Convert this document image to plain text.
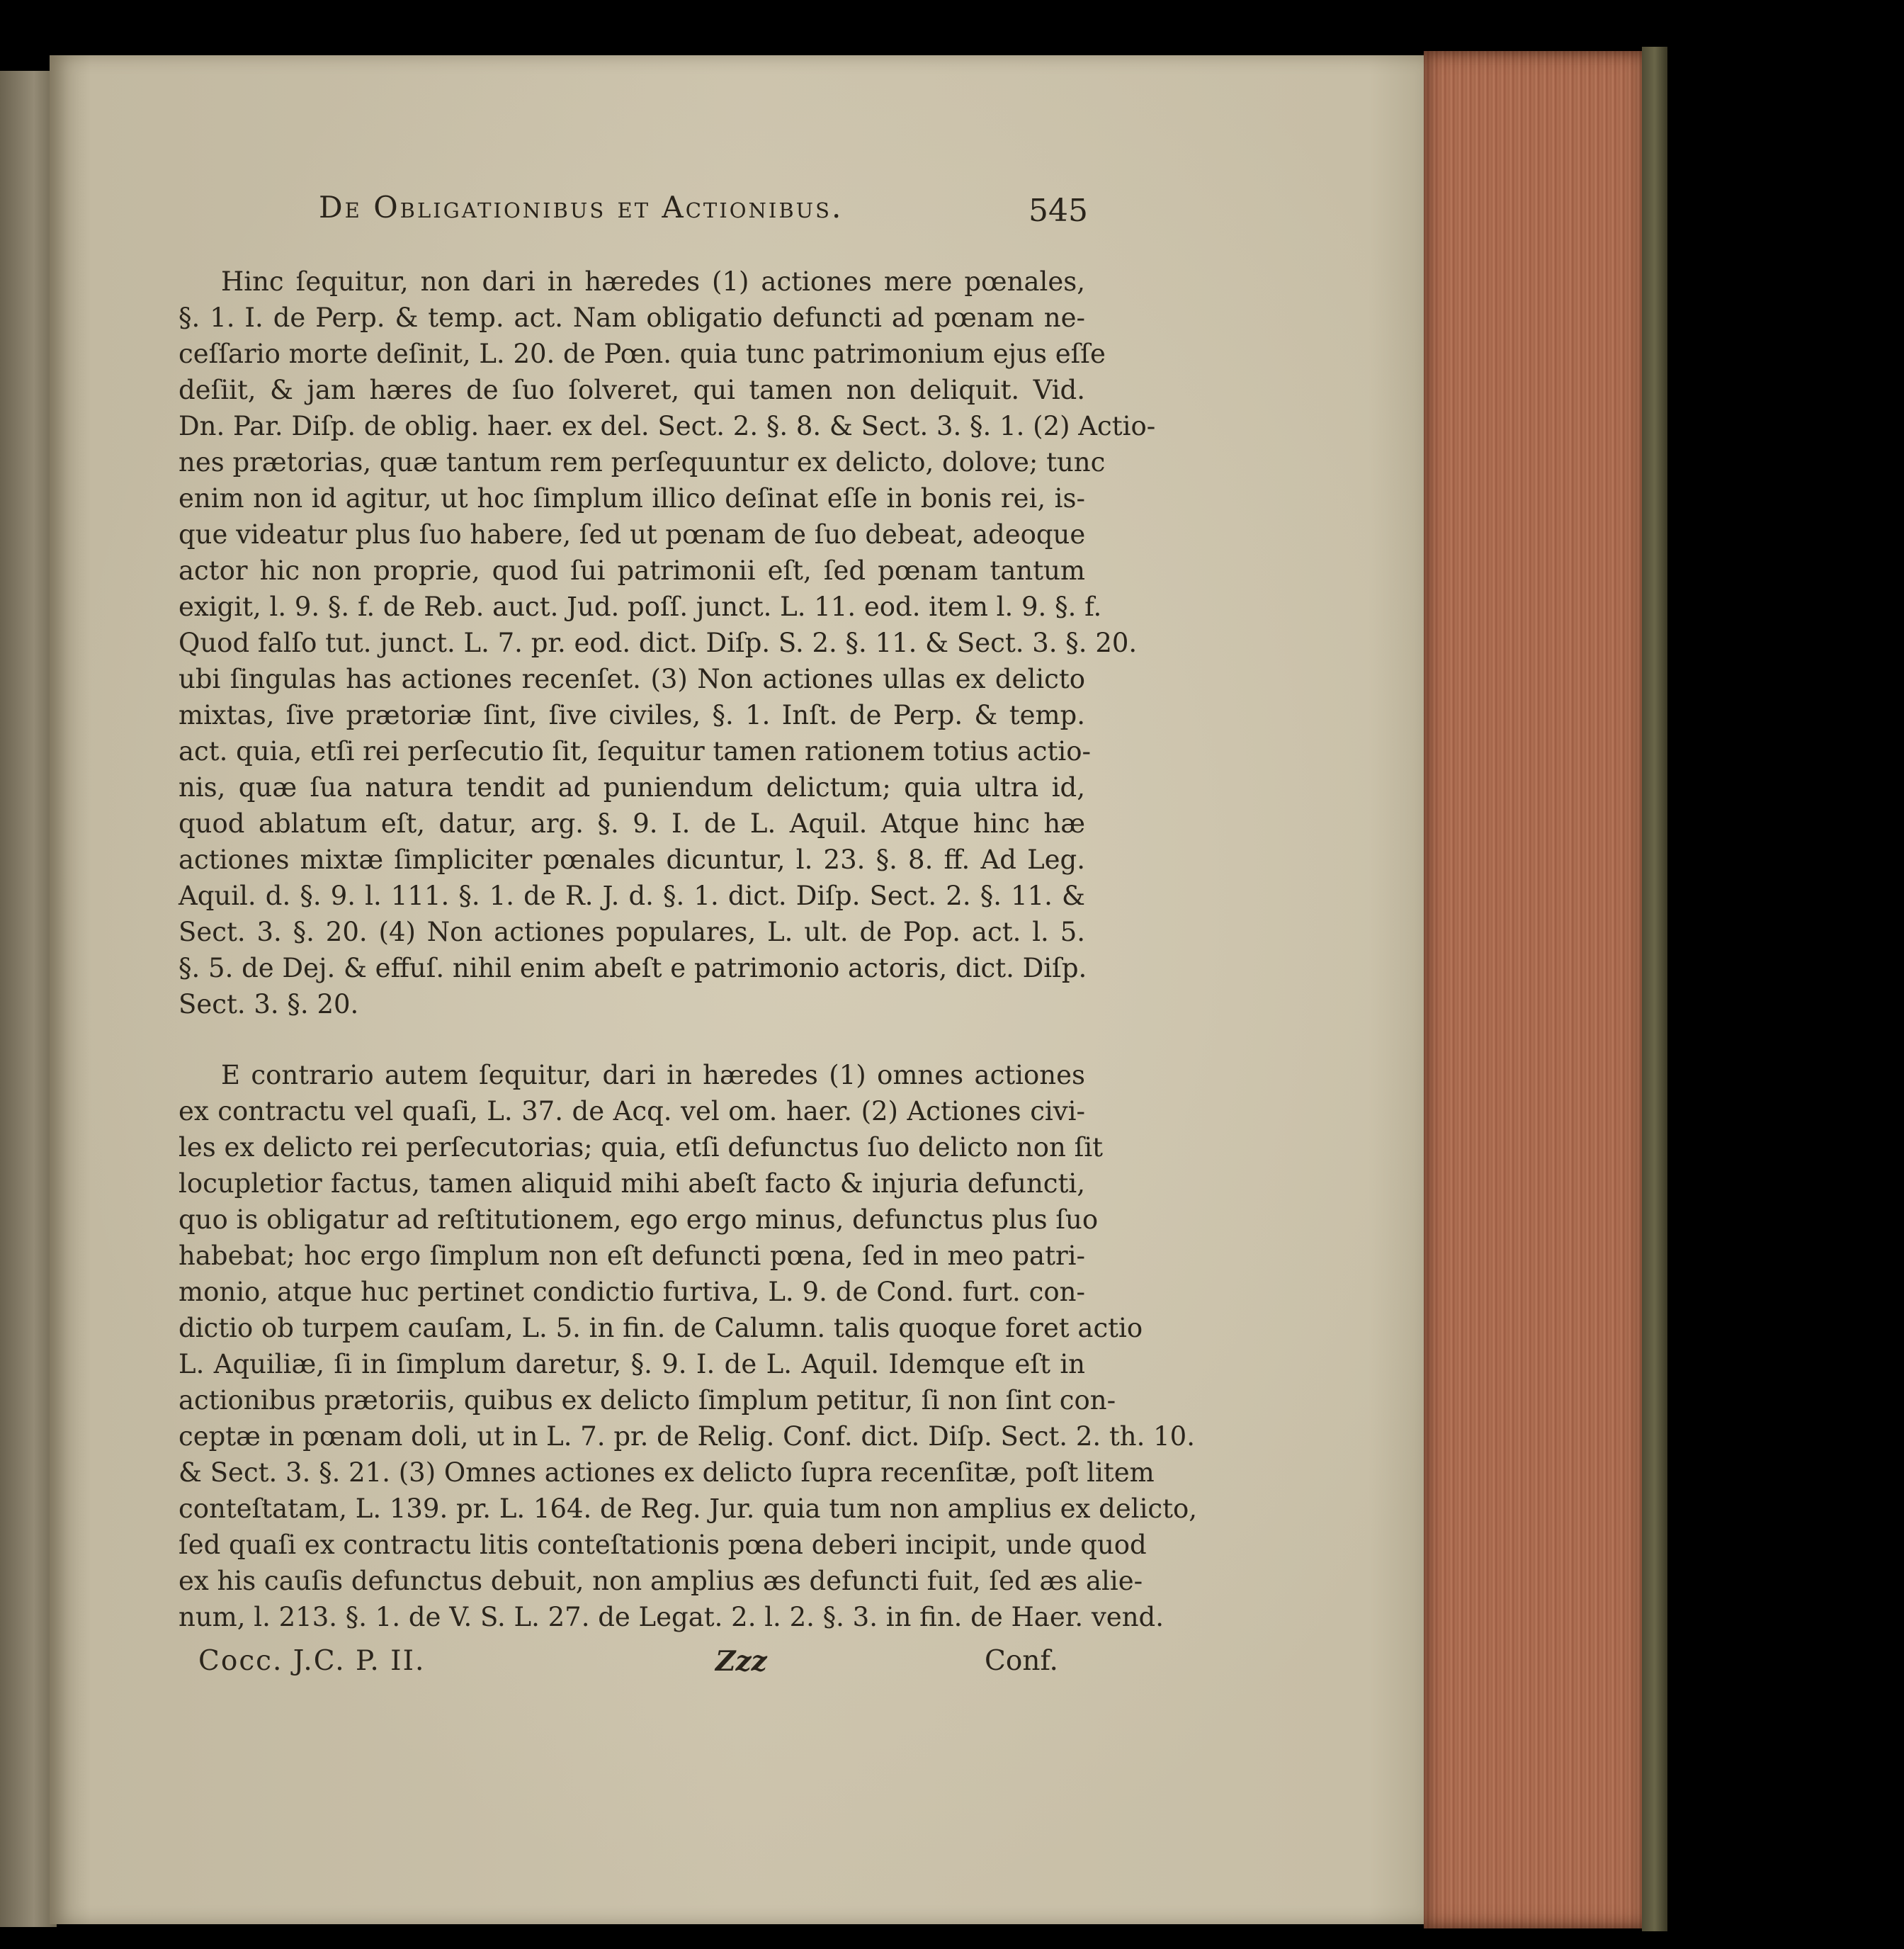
De Obligationibus et Actionibus.	545
Hinc ſequitur, non dari in hæredes (1) actiones mere pœnales,
§. 1. I. de Perp. & temp. act. Nam obligatio defuncti ad pœnam ne-
ceſſario morte deſinit, L. 20. de Pœn. quia tunc patrimonium ejus eſſe
deſiit, & jam hæres de ſuo ſolveret, qui tamen non deliquit. Vid.
Dn. Par. Diſp. de oblig. haer. ex del. Sect. 2. §. 8. & Sect. 3. §. 1. (2) Actio-
nes prætorias, quæ tantum rem perſequuntur ex delicto, dolove; tunc
enim non id agitur, ut hoc ſimplum illico deſinat eſſe in bonis rei, is-
que videatur plus ſuo habere, ſed ut pœnam de ſuo debeat, adeoque
actor hic non proprie, quod ſui patrimonii eſt, ſed pœnam tantum
exigit, l. 9. §. f. de Reb. auct. Jud. poſſ. junct. L. 11. eod. item l. 9. §. f.
Quod falſo tut. junct. L. 7. pr. eod. dict. Diſp. S. 2. §. 11. & Sect. 3. §. 20.
ubi ſingulas has actiones recenſet. (3) Non actiones ullas ex delicto
mixtas, ſive prætoriæ ſint, ſive civiles, §. 1. Inſt. de Perp. & temp.
act. quia, etſi rei perſecutio ſit, ſequitur tamen rationem totius actio-
nis, quæ ſua natura tendit ad puniendum delictum; quia ultra id,
quod ablatum eſt, datur, arg. §. 9. I. de L. Aquil. Atque hinc hæ
actiones mixtæ ſimpliciter pœnales dicuntur, l. 23. §. 8. ff. Ad Leg.
Aquil. d. §. 9. l. 111. §. 1. de R. J. d. §. 1. dict. Diſp. Sect. 2. §. 11. &
Sect. 3. §. 20. (4) Non actiones populares, L. ult. de Pop. act. l. 5.
§. 5. de Dej. & effuſ. nihil enim abeſt e patrimonio actoris, dict. Diſp.
Sect. 3. §. 20.
E contrario autem ſequitur, dari in hæredes (1) omnes actiones
ex contractu vel quaſi, L. 37. de Acq. vel om. haer. (2) Actiones civi-
les ex delicto rei perſecutorias; quia, etſi defunctus ſuo delicto non ſit
locupletior factus, tamen aliquid mihi abeſt facto & injuria defuncti,
quo is obligatur ad reſtitutionem, ego ergo minus, defunctus plus ſuo
habebat; hoc ergo ſimplum non eſt defuncti pœna, ſed in meo patri-
monio, atque huc pertinet condictio furtiva, L. 9. de Cond. furt. con-
dictio ob turpem cauſam, L. 5. in fin. de Calumn. talis quoque foret actio
L. Aquiliæ, ſi in ſimplum daretur, §. 9. I. de L. Aquil. Idemque eſt in
actionibus prætoriis, quibus ex delicto ſimplum petitur, ſi non ſint con-
ceptæ in pœnam doli, ut in L. 7. pr. de Relig. Conf. dict. Diſp. Sect. 2. th. 10.
& Sect. 3. §. 21. (3) Omnes actiones ex delicto ſupra recenſitæ, poſt litem
conteſtatam, L. 139. pr. L. 164. de Reg. Jur. quia tum non amplius ex delicto,
ſed quaſi ex contractu litis conteſtationis pœna deberi incipit, unde quod
ex his cauſis defunctus debuit, non amplius æs defuncti fuit, ſed æs alie-
num, l. 213. §. 1. de V. S. L. 27. de Legat. 2. l. 2. §. 3. in fin. de Haer. vend.
Cocc. J.C. P. II.	Zzz	Conf.
